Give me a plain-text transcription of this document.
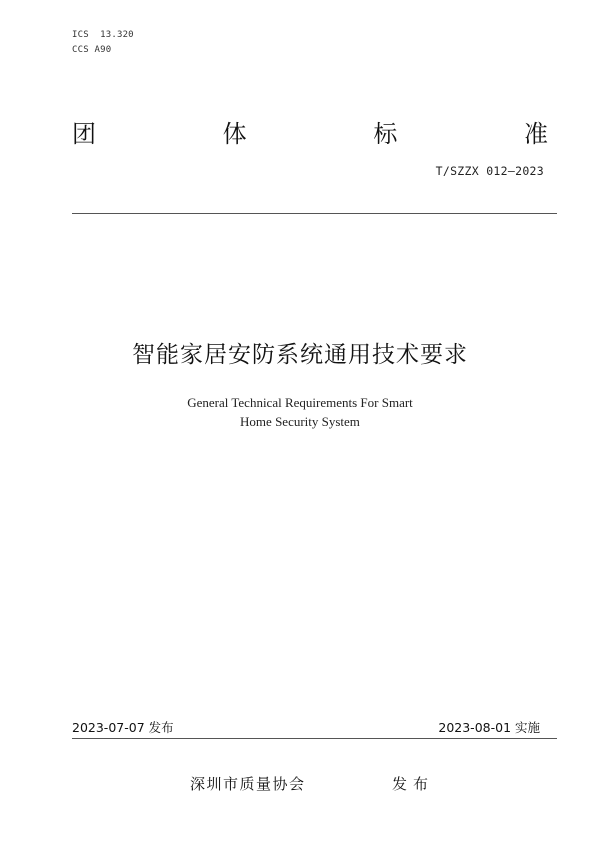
ICS  13.320
CCS A90
团	体	标	准
T/SZZX 012—2023
智能家居安防系统通用技术要求
General Technical Requirements For Smart
Home Security System
2023-07-07 发布	2023-08-01 实施
深圳市质量协会	发布
